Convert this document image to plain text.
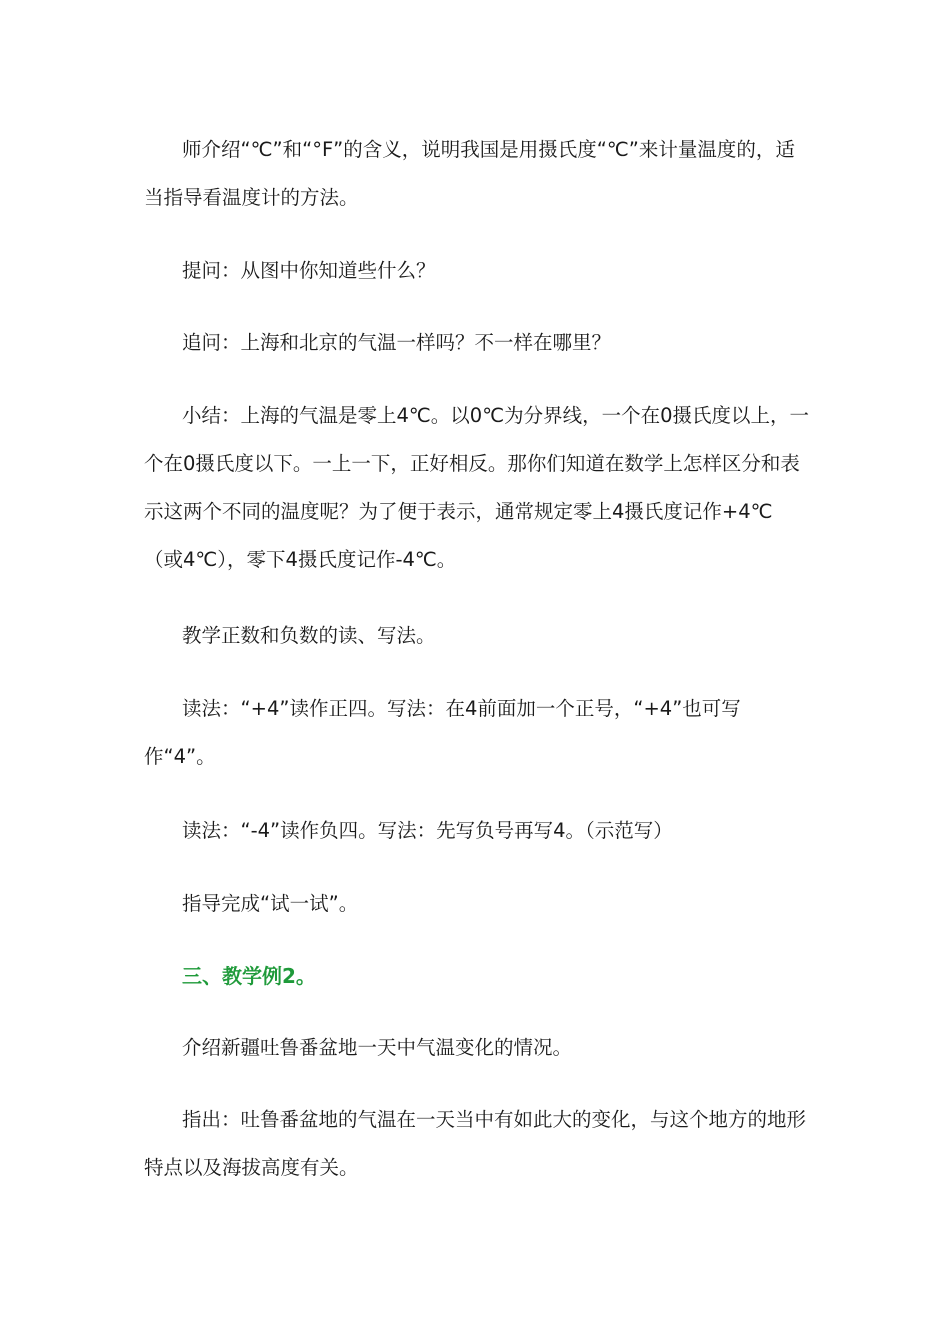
师介绍“℃”和“°F”的含义，说明我国是用摄氏度“℃”来计量温度的，适当指导看温度计的方法。

提问：从图中你知道些什么？

追问：上海和北京的气温一样吗？不一样在哪里？

小结：上海的气温是零上4℃。以0℃为分界线，一个在0摄氏度以上，一个在0摄氏度以下。一上一下，正好相反。那你们知道在数学上怎样区分和表示这两个不同的温度呢？为了便于表示，通常规定零上4摄氏度记作+4℃（或4℃），零下4摄氏度记作-4℃。

教学正数和负数的读、写法。

读法：“+4”读作正四。写法：在4前面加一个正号，“+4”也可写作“4”。

读法：“-4”读作负四。写法：先写负号再写4。（示范写）

指导完成“试一试”。

三、教学例2。

介绍新疆吐鲁番盆地一天中气温变化的情况。

指出：吐鲁番盆地的气温在一天当中有如此大的变化，与这个地方的地形特点以及海拔高度有关。
